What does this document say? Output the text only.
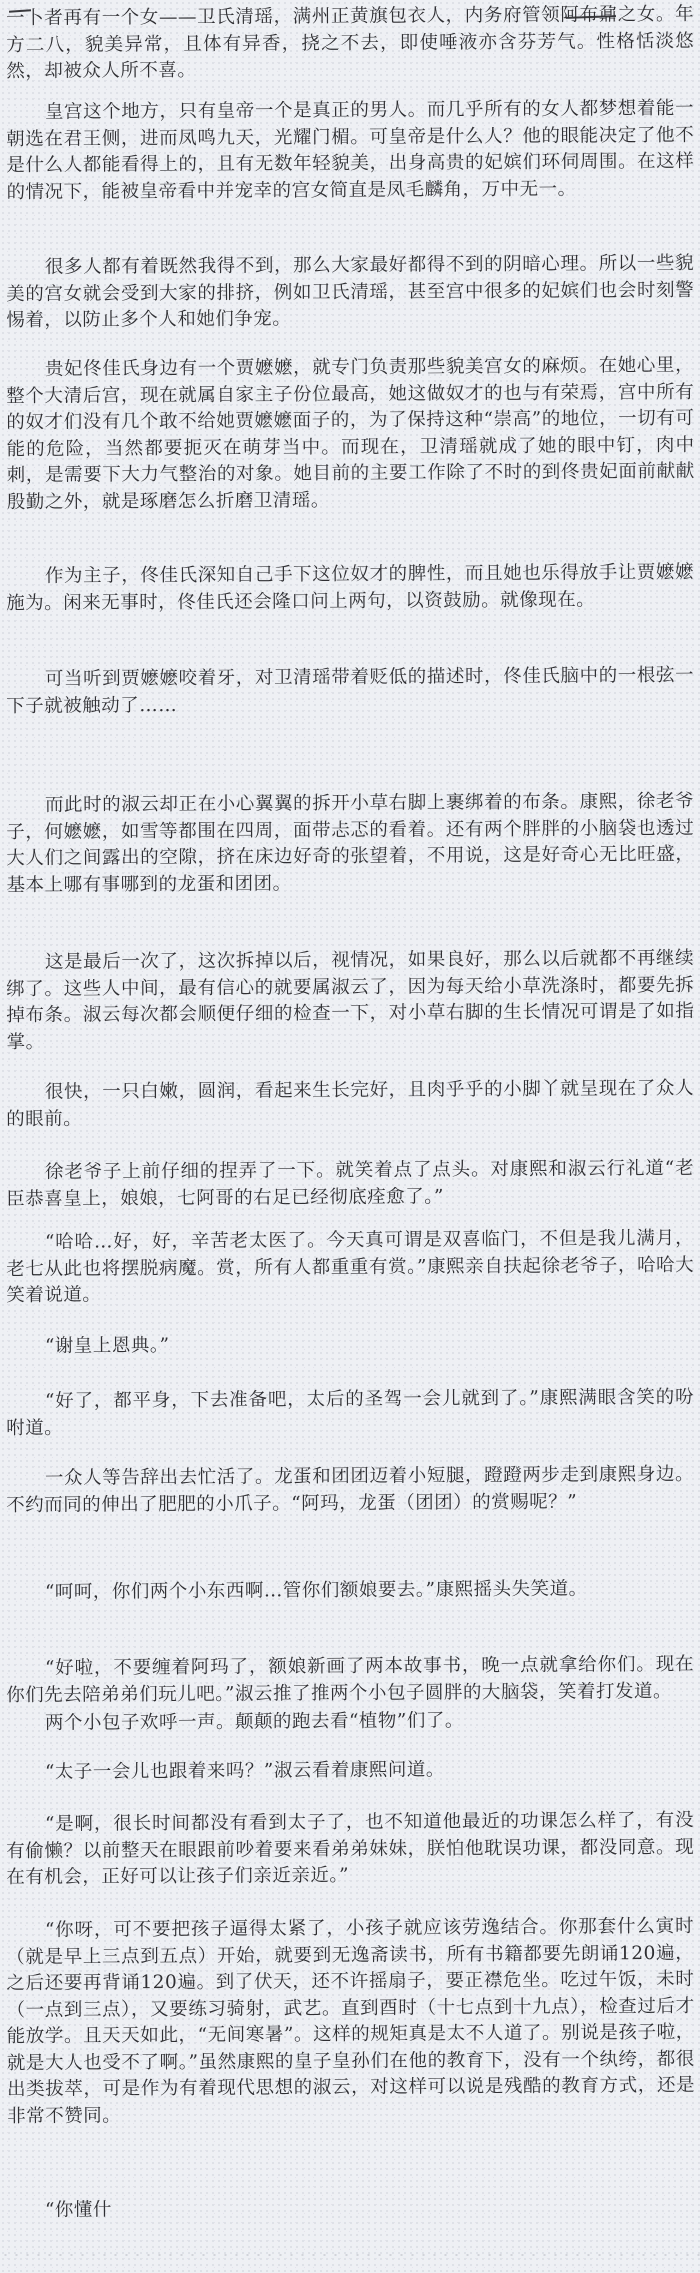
一卜者再有一个女——卫氏清瑶，满州正黄旗包衣人，内务府管领阿布鼐之女。年方二八，貌美异常，且体有异香，挠之不去，即使唾液亦含芬芳气。性格恬淡悠然，却被众人所不喜。

皇宫这个地方，只有皇帝一个是真正的男人。而几乎所有的女人都梦想着能一朝选在君王侧，进而凤鸣九天，光耀门楣。可皇帝是什么人？他的眼能决定了他不是什么人都能看得上的，且有无数年轻貌美，出身高贵的妃嫔们环伺周围。在这样的情况下，能被皇帝看中并宠幸的宫女简直是凤毛麟角，万中无一。

很多人都有着既然我得不到，那么大家最好都得不到的阴暗心理。所以一些貌美的宫女就会受到大家的排挤，例如卫氏清瑶，甚至宫中很多的妃嫔们也会时刻警惕着，以防止多个人和她们争宠。

贵妃佟佳氏身边有一个贾嬷嬷，就专门负责那些貌美宫女的麻烦。在她心里，整个大清后宫，现在就属自家主子份位最高，她这做奴才的也与有荣焉，宫中所有的奴才们没有几个敢不给她贾嬷嬷面子的，为了保持这种“崇高”的地位，一切有可能的危险，当然都要扼灭在萌芽当中。而现在，卫清瑶就成了她的眼中钉，肉中刺，是需要下大力气整治的对象。她目前的主要工作除了不时的到佟贵妃面前献献殷勤之外，就是琢磨怎么折磨卫清瑶。

作为主子，佟佳氏深知自己手下这位奴才的脾性，而且她也乐得放手让贾嬷嬷施为。闲来无事时，佟佳氏还会隆口问上两句，以资鼓励。就像现在。

可当听到贾嬷嬷咬着牙，对卫清瑶带着贬低的描述时，佟佳氏脑中的一根弦一下子就被触动了……

而此时的淑云却正在小心翼翼的拆开小草右脚上裹绑着的布条。康熙，徐老爷子，何嬷嬷，如雪等都围在四周，面带忐忑的看着。还有两个胖胖的小脑袋也透过大人们之间露出的空隙，挤在床边好奇的张望着，不用说，这是好奇心无比旺盛，基本上哪有事哪到的龙蛋和团团。

这是最后一次了，这次拆掉以后，视情况，如果良好，那么以后就都不再继续绑了。这些人中间，最有信心的就要属淑云了，因为每天给小草洗涤时，都要先拆掉布条。淑云每次都会顺便仔细的检查一下，对小草右脚的生长情况可谓是了如指掌。

很快，一只白嫩，圆润，看起来生长完好，且肉乎乎的小脚丫就呈现在了众人的眼前。

徐老爷子上前仔细的捏弄了一下。就笑着点了点头。对康熙和淑云行礼道“老臣恭喜皇上，娘娘，七阿哥的右足已经彻底痊愈了。”

“哈哈…好，好，辛苦老太医了。今天真可谓是双喜临门，不但是我儿满月，老七从此也将摆脱病魔。赏，所有人都重重有赏。”康熙亲自扶起徐老爷子，哈哈大笑着说道。

“谢皇上恩典。”

“好了，都平身，下去准备吧，太后的圣驾一会儿就到了。”康熙满眼含笑的吩咐道。

一众人等告辞出去忙活了。龙蛋和团团迈着小短腿，蹬蹬两步走到康熙身边。不约而同的伸出了肥肥的小爪子。“阿玛，龙蛋（团团）的赏赐呢？”

“呵呵，你们两个小东西啊…管你们额娘要去。”康熙摇头失笑道。

“好啦，不要缠着阿玛了，额娘新画了两本故事书，晚一点就拿给你们。现在你们先去陪弟弟们玩儿吧。”淑云推了推两个小包子圆胖的大脑袋，笑着打发道。

两个小包子欢呼一声。颠颠的跑去看“植物”们了。

“太子一会儿也跟着来吗？”淑云看着康熙问道。

“是啊，很长时间都没有看到太子了，也不知道他最近的功课怎么样了，有没有偷懒？以前整天在眼跟前吵着要来看弟弟妹妹，朕怕他耽误功课，都没同意。现在有机会，正好可以让孩子们亲近亲近。”

“你呀，可不要把孩子逼得太紧了，小孩子就应该劳逸结合。你那套什么寅时（就是早上三点到五点）开始，就要到无逸斋读书，所有书籍都要先朗诵120遍，之后还要再背诵120遍。到了伏天，还不许摇扇子，要正襟危坐。吃过午饭，未时（一点到三点），又要练习骑射，武艺。直到酉时（十七点到十九点），检查过后才能放学。且天天如此，“无间寒暑”。这样的规矩真是太不人道了。别说是孩子啦，就是大人也受不了啊。”虽然康熙的皇子皇孙们在他的教育下，没有一个纨绔，都很出类拔萃，可是作为有着现代思想的淑云，对这样可以说是残酷的教育方式，还是非常不赞同。

“你懂什
